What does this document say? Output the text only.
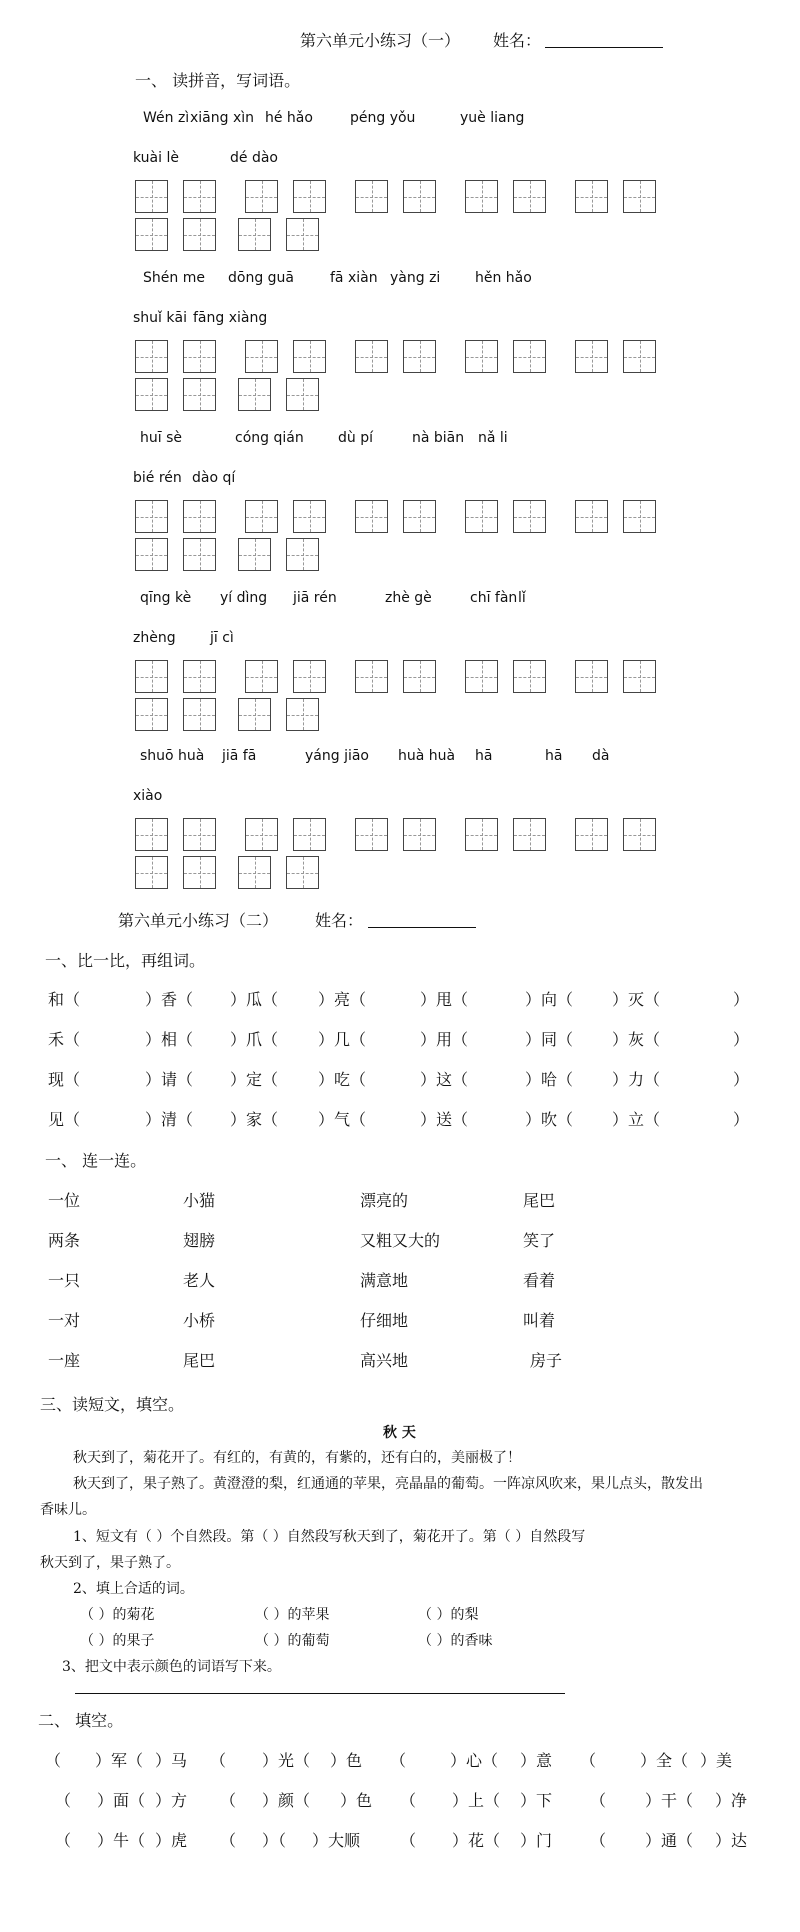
第六单元小练习（一） 姓名：
一、 读拼音，写词语。
Wén zì xiāng xìn hé hǎo	péng yǒu	yuè liang
kuài lè	dé dào
Shén me dōng guā	fā xiàn yàng zi hěn hǎo
shuǐ kāi fāng xiàng
huī sè	cóng qián dù pí	nà biān nǎ li
bié rén dào qí
qīng kè yí dìng jiā rén	zhè gè	chī fàn lǐ
zhèng jī cì
shuō huà jiā fā	yáng jiāo huà huà hā	hā dà
xiào
第六单元小练习（二） 姓名：
一、比一比，再组词。
和（	）香（ ）瓜（ ）亮（	）甩（	）向（ ）灭（	）
禾（	）相（ ）爪（ ）几（	）用（	）同（ ）灰（	）
现（	）请（ ）定（ ）吃（	）这（	）哈（ ）力（	）
见（	）清（ ）家（ ）气（	）送（	）吹（ ）立（	）
一、 连一连。
一位	小猫	漂亮的	尾巴
两条	翅膀	又粗又大的	笑了
一只	老人	满意地	看着
一对	小桥	仔细地	叫着
一座	尾巴	高兴地	房子
三、读短文，填空。
秋 天
秋天到了，菊花开了。有红的，有黄的，有紫的，还有白的，美丽极了！
秋天到了，果子熟了。黄澄澄的梨，红通通的苹果，亮晶晶的葡萄。一阵凉风吹来，果儿点头，散发出
香味儿。
1、短文有（ ）个自然段。第（ ）自然段写秋天到了，菊花开了。第（ ）自然段写
秋天到了，果子熟了。
2、填上合适的词。
（ ）的菊花	（ ）的苹果	（ ）的梨
（ ）的果子	（ ）的葡萄	（ ）的香味
3、把文中表示颜色的词语写下来。
二、 填空。
（ ）军（ ）马 （ ）光（ ）色 （	）心（ ）意 （	）全（ ）美
（ ）面（ ）方 （ ）颜（ ）色 （ ）上（ ）下 （ ）干（ ）净
（ ）牛（ ）虎 （ ）（ ）大顺 （ ）花（ ）门 （ ）通（ ）达
